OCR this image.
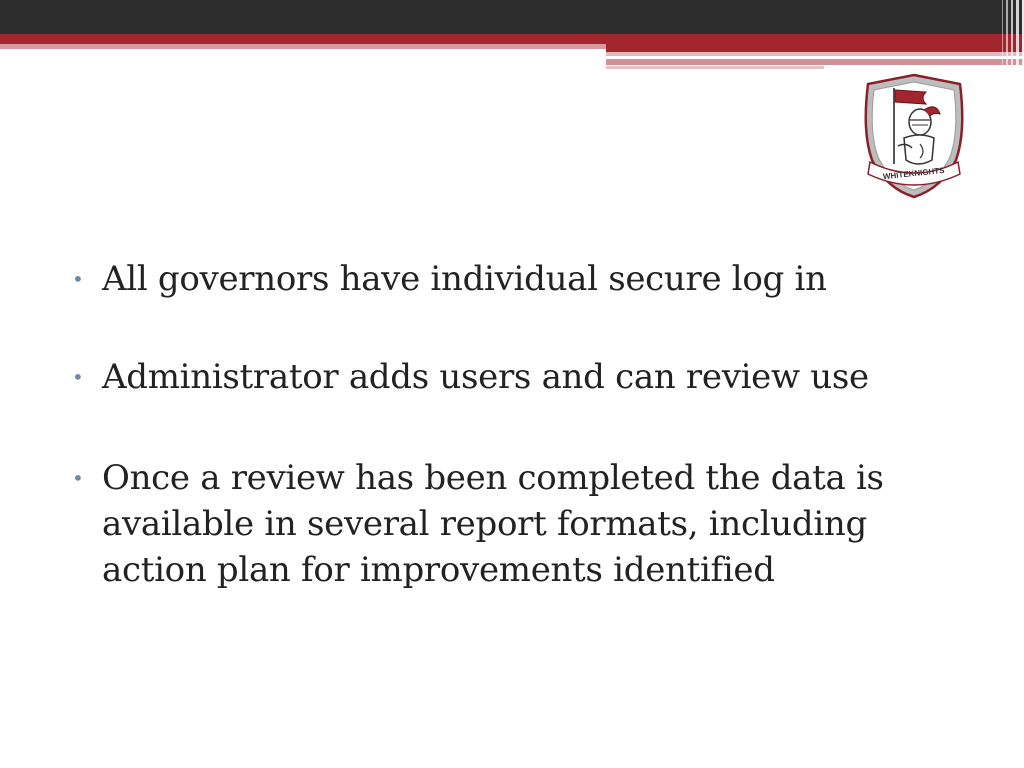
WHITEKNIGHTS
• All governors have individual secure log in
• Administrator adds users and can review use
• Once a review has been completed the data is available in several report formats, including action plan for improvements identified
